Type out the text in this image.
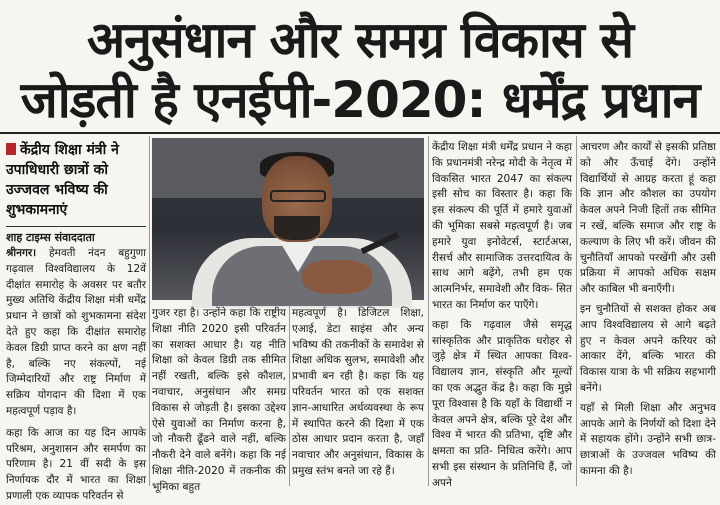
अनुसंधान और समग्र विकास से
जोड़ती है एनईपी-2020: धर्मेंद्र प्रधान
केंद्रीय शिक्षा मंत्री ने उपाधिधारी छात्रों को उज्जवल भविष्य की शुभकामनाएं
शाह टाइम्स संवाददाता

श्रीनगर। हेमवती नंदन बहुगुणा गढ़वाल विश्वविद्यालय के 12वें दीक्षांत समारोह के अवसर पर बतौर मुख्य अतिथि केंद्रीय शिक्षा मंत्री धर्मेंद्र प्रधान ने छात्रों को शुभकामना संदेश देते हुए कहा कि दीक्षांत समारोह केवल डिग्री प्राप्त करने का क्षण नहीं है, बल्कि नए संकल्पों, नई जिम्मेदारियों और राष्ट्र निर्माण में सक्रिय योगदान की दिशा में एक महत्वपूर्ण पड़ाव है।

कहा कि आज का यह दिन आपके परिश्रम, अनुशासन और समर्पण का परिणाम है। 21 वीं सदी के इस निर्णायक दौर में भारत का शिक्षा प्रणाली एक व्यापक परिवर्तन से

गुजर रहा है। उन्होंने कहा कि राष्ट्रीय शिक्षा नीति 2020 इसी परिवर्तन का सशक्त आधार है। यह नीति शिक्षा को केवल डिग्री तक सीमित नहीं रखती, बल्कि इसे कौशल, नवाचार, अनुसंधान और समग्र विकास से जोड़ती है। इसका उद्देश्य ऐसे युवाओं का निर्माण करना है, जो नौकरी ढूँढने वाले नहीं, बल्कि नौकरी देने वाले बनेंगे। कहा कि नई शिक्षा नीति-2020 में तकनीक की भूमिका बहुत

महत्वपूर्ण है। डिजिटल शिक्षा, एआई, डेटा साइंस और अन्य भविष्य की तकनीकों के समावेश से शिक्षा अधिक सुलभ, समावेशी और प्रभावी बन रही है। कहा कि यह परिवर्तन भारत को एक सशक्त ज्ञान-आधारित अर्थव्यवस्था के रूप में स्थापित करने की दिशा में एक ठोस आधार प्रदान करता है, जहाँ नवाचार और अनुसंधान, विकास के प्रमुख स्तंभ बनते जा रहे हैं।

केंद्रीय शिक्षा मंत्री धर्मेंद्र प्रधान ने कहा कि प्रधानमंत्री नरेन्द्र मोदी के नेतृत्व में विकसित भारत 2047 का संकल्प इसी सोच का विस्तार है। कहा कि इस संकल्प की पूर्ति में हमारे युवाओं की भूमिका सबसे महत्वपूर्ण है। जब हमारे युवा इनोवेटर्स, स्टार्टअप्स, रीसर्च और सामाजिक उत्तरदायित्व के साथ आगे बढ़ेंगे, तभी हम एक आत्मनिर्भर, समावेशी और विक- सित भारत का निर्माण कर पाएँगे।

कहा कि गढ़वाल जैसे समृद्ध सांस्कृतिक और प्राकृतिक धरोहर से जुड़े क्षेत्र में स्थित आपका विश्व- विद्यालय ज्ञान, संस्कृति और मूल्यों का एक अद्भुत केंद्र है। कहा कि मुझे पूरा विश्वास है कि यहाँ के विद्यार्थी न केवल अपने क्षेत्र, बल्कि पूरे देश और विश्व में भारत की प्रतिभा, दृष्टि और क्षमता का प्रति- निधित्व करेंगे। आप सभी इस संस्थान के प्रतिनिधि हैं, जो अपने

आचरण और कार्यों से इसकी प्रतिष्ठा को और ऊँचाई देंगे। उन्होंने विद्यार्थियों से आग्रह करता हूं कहा कि ज्ञान और कौशल का उपयोग केवल अपने निजी हितों तक सीमित न रखें, बल्कि समाज और राष्ट्र के कल्याण के लिए भी करें। जीवन की चुनौतियाँ आपको परखेंगी और उसी प्रक्रिया में आपको अधिक सक्षम और काबिल भी बनाएँगी।

इन चुनौतियों से सशक्त होकर अब आप विश्वविद्यालय से आगे बढ़ते हुए न केवल अपने करियर को आकार देंगे, बल्कि भारत की विकास यात्रा के भी सक्रिय सहभागी बनेंगे।

यहाँ से मिली शिक्षा और अनुभव आपके आगे के निर्णयों को दिशा देने में सहायक होंगे। उन्होंने सभी छात्र-छात्राओं के उज्जवल भविष्य की कामना की है।
